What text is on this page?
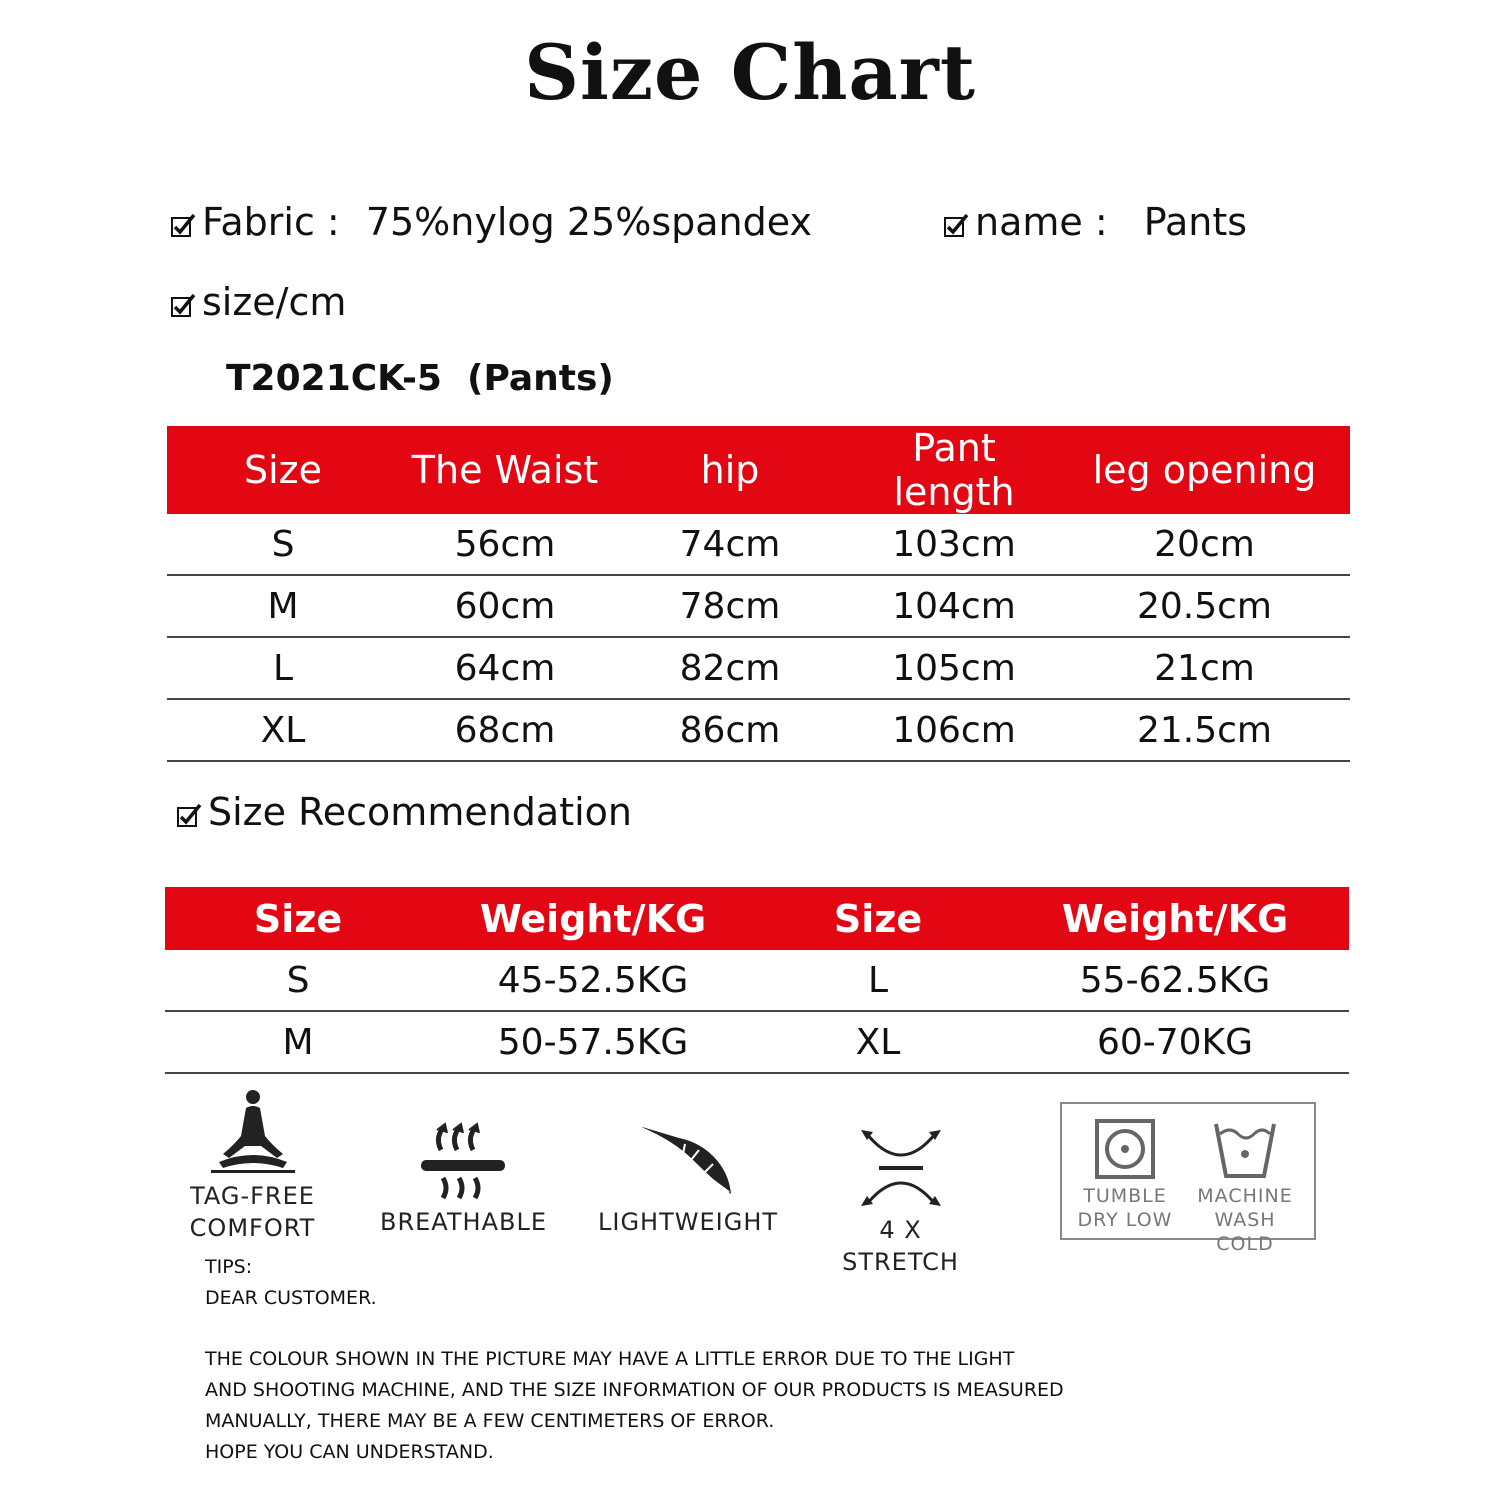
Size Chart
Fabric : 75%nylog 25%spandex	name : Pants
size/cm
T2021CK-5  (Pants)
Size	The Waist	hip	Pant length	leg opening
S	56cm	74cm	103cm	20cm
M	60cm	78cm	104cm	20.5cm
L	64cm	82cm	105cm	21cm
XL	68cm	86cm	106cm	21.5cm
Size Recommendation
Size	Weight/KG	Size	Weight/KG
S	45-52.5KG	L	55-62.5KG
M	50-57.5KG	XL	60-70KG
TAG-FREE
COMFORT	BREATHABLE LIGHTWEIGHT	4 X STRETCH
TUMBLE
DRY LOW
MACHINE
WASH COLD
TIPS:
DEAR CUSTOMER.
THE COLOUR SHOWN IN THE PICTURE MAY HAVE A LITTLE ERROR DUE TO THE LIGHT
AND SHOOTING MACHINE, AND THE SIZE INFORMATION OF OUR PRODUCTS IS MEASURED
MANUALLY, THERE MAY BE A FEW CENTIMETERS OF ERROR.
HOPE YOU CAN UNDERSTAND.
